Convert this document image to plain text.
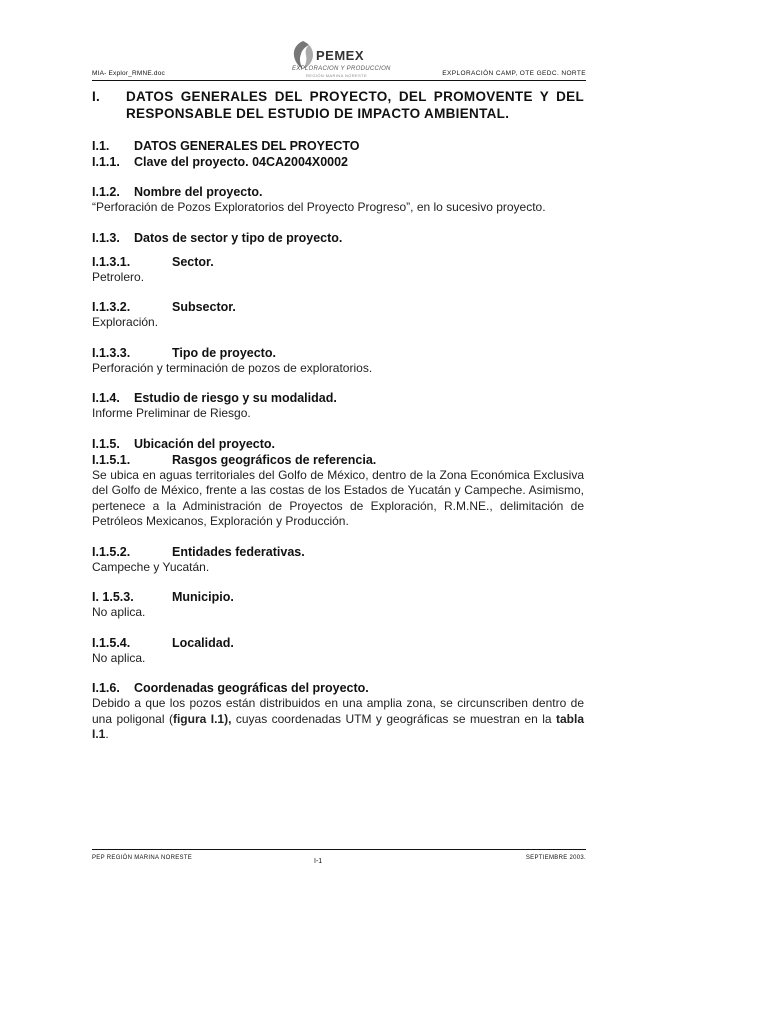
MIA- Explor_RMNE.doc
PEMEX
EXPLORACION Y PRODUCCION
REGIÓN MARINA NORESTE	EXPLORACIÓN CAMP, OTE GEDC. NORTE
I.	DATOS GENERALES DEL PROYECTO, DEL PROMOVENTE Y DEL RESPONSABLE DEL ESTUDIO DE IMPACTO AMBIENTAL.
I.1.	DATOS GENERALES DEL PROYECTO
I.1.1.	Clave del proyecto. 04CA2004X0002
I.1.2.	Nombre del proyecto.
“Perforación de Pozos Exploratorios del Proyecto Progreso”, en lo sucesivo proyecto.
I.1.3.	Datos de sector y tipo de proyecto.
I.1.3.1.	Sector.
Petrolero.
I.1.3.2.	Subsector.
Exploración.
I.1.3.3.	Tipo de proyecto.
Perforación y terminación de pozos de exploratorios.
I.1.4.	Estudio de riesgo y su modalidad.
Informe Preliminar de Riesgo.
I.1.5.	Ubicación del proyecto.
I.1.5.1.	Rasgos geográficos de referencia.
Se ubica en aguas territoriales del Golfo de México, dentro de la Zona Económica Exclusiva del Golfo de México, frente a las costas de los Estados de Yucatán y Campeche. Asimismo, pertenece a la Administración de Proyectos de Exploración, R.M.NE., delimitación de Petróleos Mexicanos, Exploración y Producción.
I.1.5.2.	Entidades federativas.
Campeche y Yucatán.
I. 1.5.3.	Municipio.
No aplica.
I.1.5.4.	Localidad.
No aplica.
I.1.6.	Coordenadas geográficas del proyecto.
Debido a que los pozos están distribuidos en una amplia zona, se circunscriben dentro de una poligonal (figura I.1), cuyas coordenadas UTM y geográficas se muestran en la tabla I.1.
PEP REGIÓN MARINA NORESTE	I-1	SEPTIEMBRE 2003.
